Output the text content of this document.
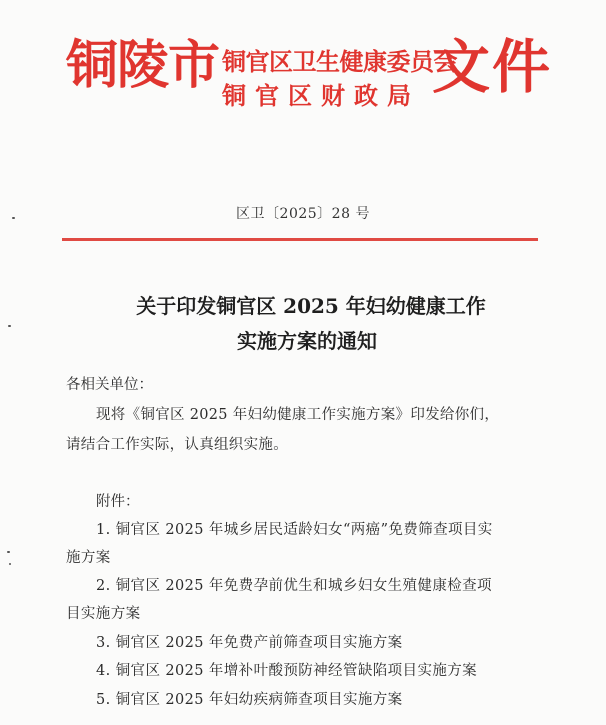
铜陵市 铜官区卫生健康委员会
铜官区财政局 文件
区卫〔2025〕28 号
关于印发铜官区 2025 年妇幼健康工作
实施方案的通知
各相关单位：
现将《铜官区 2025 年妇幼健康工作实施方案》印发给你们，
请结合工作实际，认真组织实施。
附件：
1. 铜官区 2025 年城乡居民适龄妇女“两癌”免费筛查项目实
施方案
2. 铜官区 2025 年免费孕前优生和城乡妇女生殖健康检查项
目实施方案
3. 铜官区 2025 年免费产前筛查项目实施方案
4. 铜官区 2025 年增补叶酸预防神经管缺陷项目实施方案
5. 铜官区 2025 年妇幼疾病筛查项目实施方案
